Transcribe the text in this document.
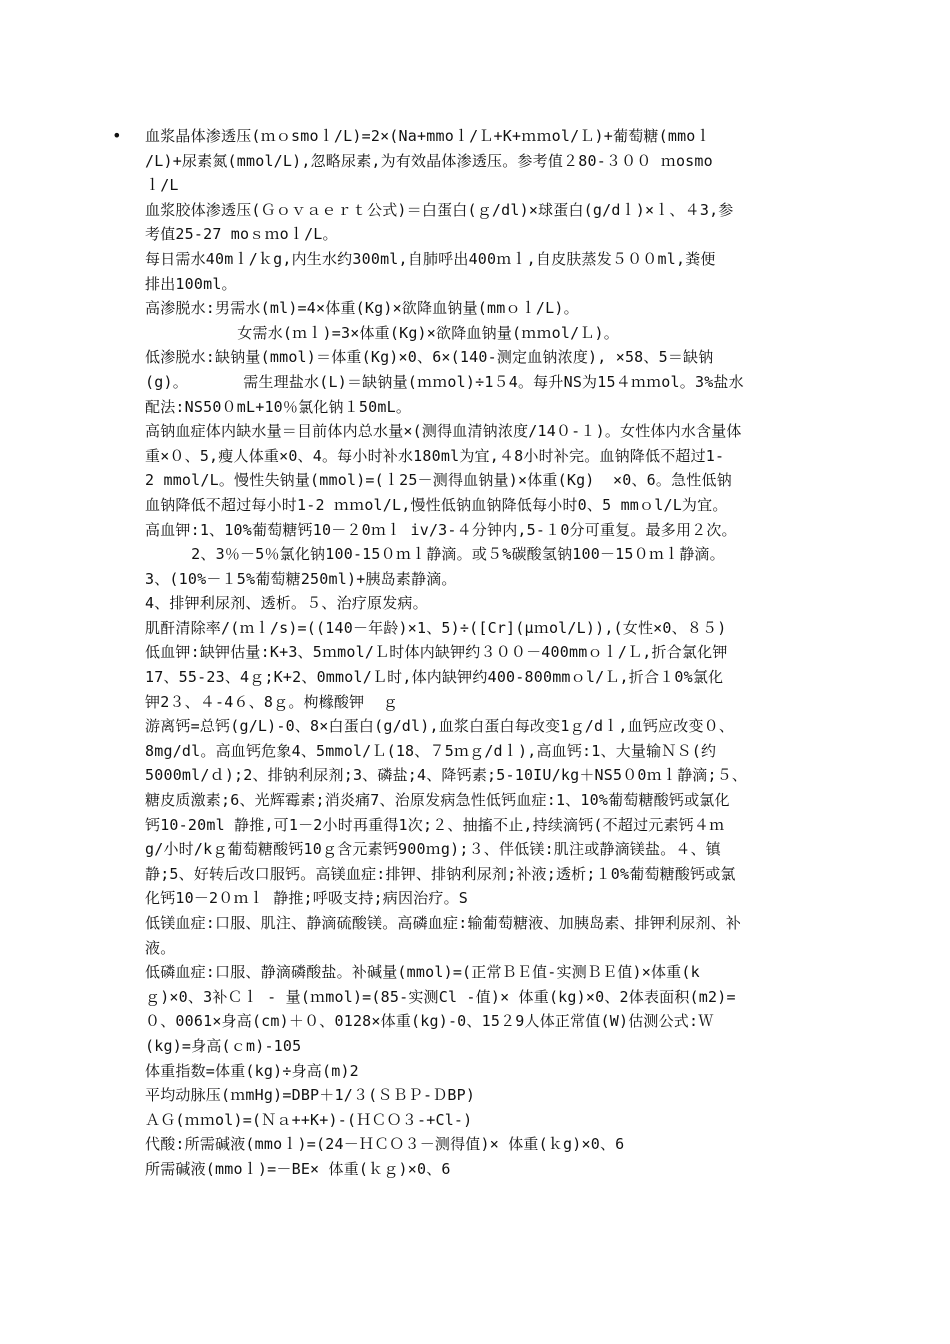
• 血浆晶体渗透压(ｍｏsmoｌ/L)=2×(Na+mmoｌ/Ｌ+K+ｍｍol/Ｌ)+葡萄糖(mmoｌ
/L)+尿素氮(mmol/L),忽略尿素,为有效晶体渗透压。参考值２80-３００ ｍosmo
ｌ/L
血浆胶体渗透压(Ｇｏｖａｅｒｔ公式)＝白蛋白(ｇ/dl)×球蛋白(g/dｌ)×ｌ、４3,参
考值25-27 moｓｍoｌ/L。
每日需水40mｌ/ｋg,内生水约300ml,自肺呼出400ｍｌ,自皮肤蒸发５００ml,粪便
排出100ml。
高渗脱水:男需水(ml)=4×体重(Kg)×欲降血钠量(mmｏｌ/L)。
女需水(ｍｌ)=3×体重(Kg)×欲降血钠量(ｍｍol/Ｌ)。
低渗脱水:缺钠量(mmol)＝体重(Kg)×0、6×(140-测定血钠浓度), ×58、5＝缺钠
(g)。      需生理盐水(L)＝缺钠量(ｍｍol)÷1５4。每升NS为15４ｍｍol。3%盐水
配法:NS50０mL+10％氯化钠１50mL。
高钠血症体内缺水量＝目前体内总水量×(测得血清钠浓度/14０-１)。女性体内水含量体
重×０、5,瘦人体重×0、4。每小时补水180ml为宜,４8小时补完。血钠降低不超过1-
2 mmol/L。慢性失钠量(mmol)=(ｌ25－测得血钠量)×体重(Kg)  ×0、6。急性低钠
血钠降低不超过每小时1-2 ｍｍol/L,慢性低钠血钠降低每小时0、5 mmｏl/L为宜。
高血钾:1、10%葡萄糖钙10－２0ｍｌ iv/3-４分钟内,5-１0分可重复。最多用２次。
2、3％－5％氯化钠100-15０ｍｌ静滴。或５%碳酸氢钠100－15０ｍｌ静滴。
3、(10%－１5%葡萄糖250ml)+胰岛素静滴。
4、排钾利尿剂、透析。５、治疗原发病。
肌酐清除率/(ｍｌ/s)=((140－年龄)×1、5)÷([Cr](μｍol/L)),(女性×0、８５)
低血钾:缺钾估量:K+3、5ｍmol/Ｌ时体内缺钾约３００－400mmｏｌ/Ｌ,折合氯化钾
17、55-23、4ｇ;K+2、0mmol/Ｌ时,体内缺钾约400-800mmｏl/Ｌ,折合１0%氯化
钾2３、４-4６、8ｇ。枸橼酸钾  ｇ
游离钙=总钙(g/L)-0、8×白蛋白(g/dl),血浆白蛋白每改变1ｇ/dｌ,血钙应改变０、
8mg/dl。高血钙危象4、5mmol/Ｌ(18、７5ｍｇ/dｌ),高血钙:1、大量输ＮＳ(约
5000ml/ｄ);2、排钠利尿剂;3、磷盐;4、降钙素;5-10IU/kg＋NS5０0ｍｌ静滴;５、
糖皮质激素;6、光辉霉素;消炎痛7、治原发病急性低钙血症:1、10%葡萄糖酸钙或氯化
钙10-20ml 静推,可1－2小时再重得1次;２、抽搐不止,持续滴钙(不超过元素钙４ｍ
g/小时/kｇ葡萄糖酸钙10ｇ含元素钙900ｍg);３、伴低镁:肌注或静滴镁盐。４、镇
静;5、好转后改口服钙。高镁血症:排钾、排钠利尿剂;补液;透析;１0%葡萄糖酸钙或氯
化钙10－2０ｍｌ 静推;呼吸支持;病因治疗。S
低镁血症:口服、肌注、静滴硫酸镁。高磷血症:输葡萄糖液、加胰岛素、排钾利尿剂、补
液。
低磷血症:口服、静滴磷酸盐。补碱量(mmol)=(正常ＢＥ值-实测ＢＥ值)×体重(k
ｇ)×0、3补Ｃｌ - 量(ｍmol)=(85-实测Cl -值)× 体重(kg)×0、2体表面积(m2)=
０、0061×身高(cm)＋０、0128×体重(kg)-0、15２9人体正常值(W)估测公式:Ｗ
(kg)=身高(ｃm)-105
体重指数=体重(kg)÷身高(m)2
平均动脉压(ｍmHg)=DBP＋1/３(ＳＢＰ-ＤBP)
ＡＧ(ｍｍol)=(Ｎａ++K+)-(ＨＣＯ３-+Cl-)
代酸:所需碱液(mmoｌ)=(24－ＨＣＯ３－测得值)× 体重(ｋg)×0、6
所需碱液(mmoｌ)=－BE× 体重(ｋｇ)×0、6
